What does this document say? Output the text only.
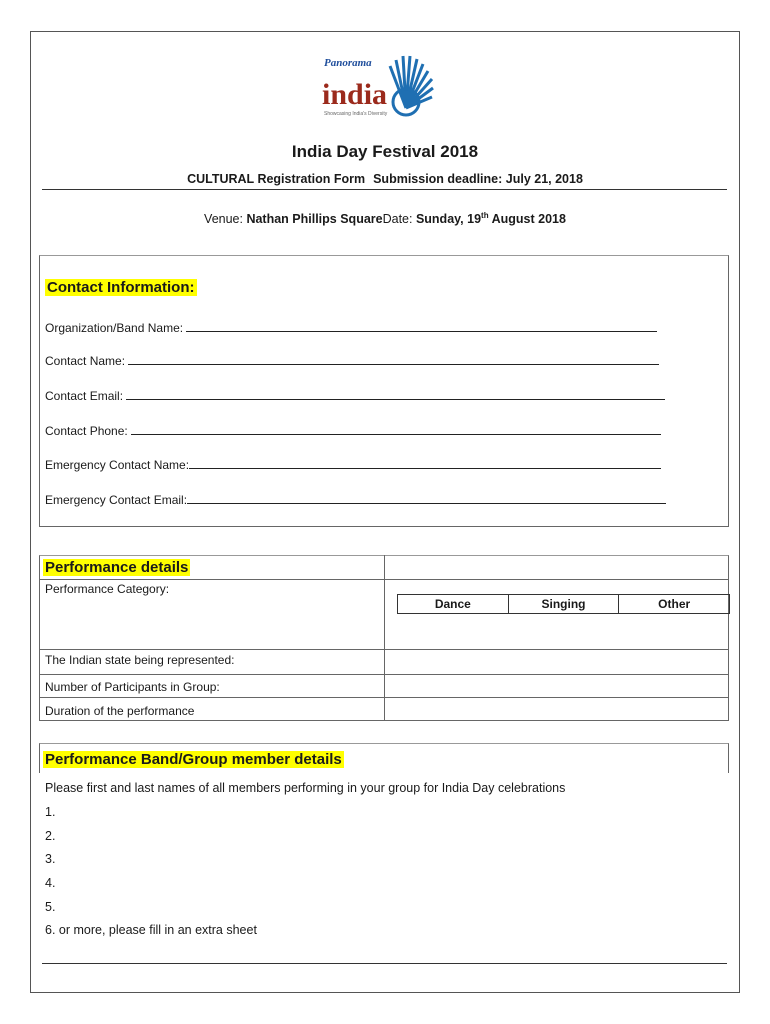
Panorama
india
Showcasing India's Diversity
India Day Festival 2018
CULTURAL Registration Form Submission deadline: July 21, 2018
Venue: Nathan Phillips SquareDate: Sunday, 19th August 2018
Contact Information:
Organization/Band Name:
Contact Name:
Contact Email:
Contact Phone:
Emergency Contact Name:
Emergency Contact Email:
Performance details
Performance Category:
Dance	Singing	Other
The Indian state being represented:
Number of Participants in Group:
Duration of the performance
Performance Band/Group member details
Please first and last names of all members performing in your group for India Day celebrations
1.
2.
3.
4.
5.
6. or more, please fill in an extra sheet
